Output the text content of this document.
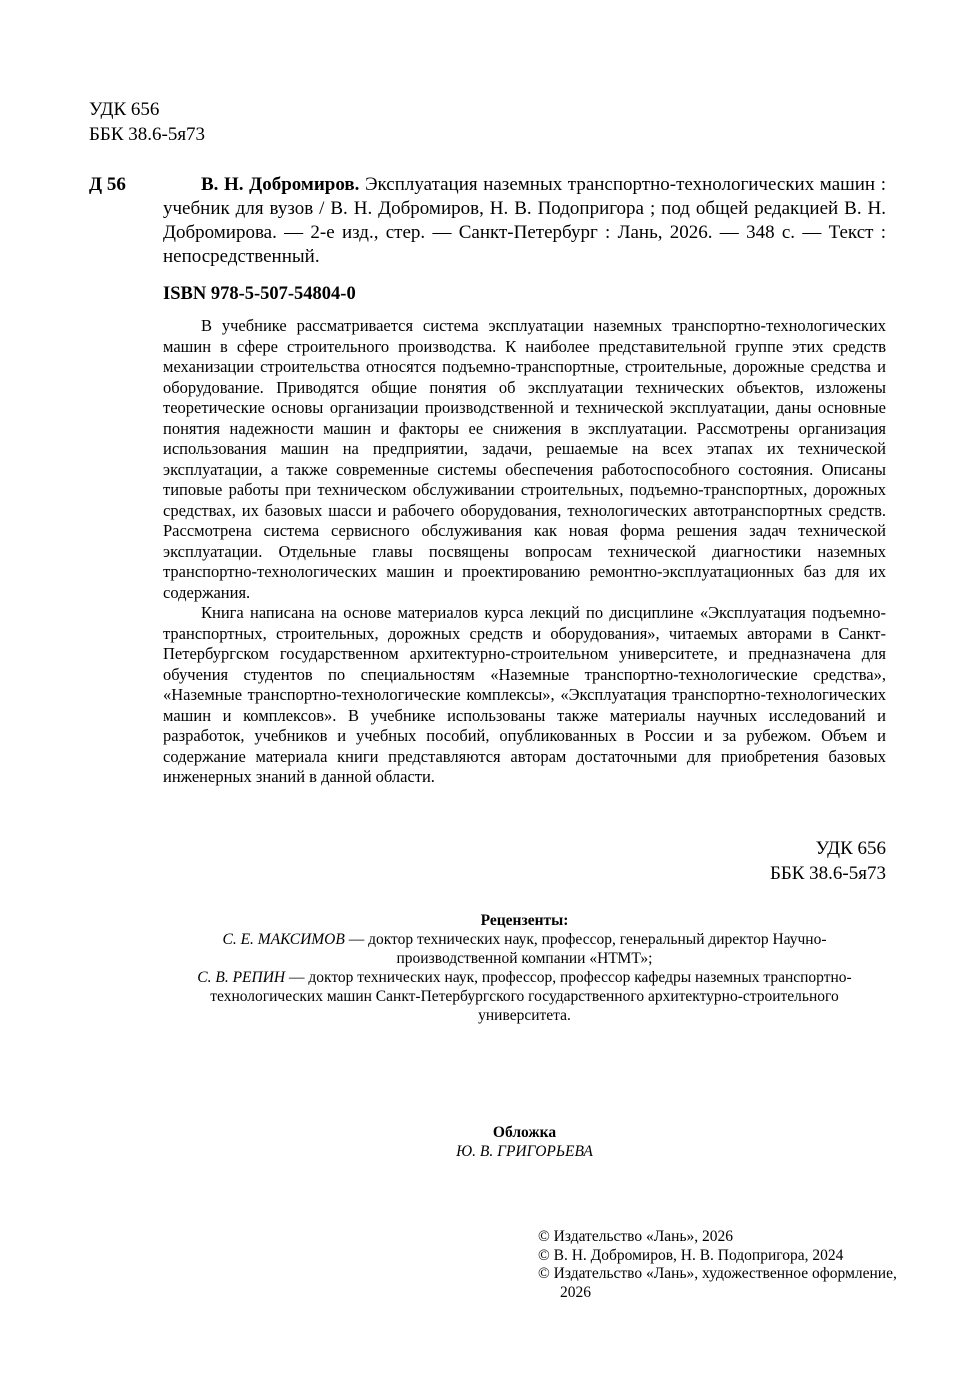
УДК 656
ББК 38.6-5я73
Д 56	В. Н. Добромиров. Эксплуатация наземных транспортно-технологических машин : учебник для вузов / В. Н. Добромиров, Н. В. Подопригора ; под общей редакцией В. Н. Добромирова. — 2-е изд., стер. — Санкт-Петербург : Лань, 2026. — 348 с. — Текст : непосредственный.
ISBN 978-5-507-54804-0

В учебнике рассматривается система эксплуатации наземных транспортно-технологических машин в сфере строительного производства. К наиболее представительной группе этих средств механизации строительства относятся подъемно-транспортные, строительные, дорожные средства и оборудование. Приводятся общие понятия об эксплуатации технических объектов, изложены теоретические основы организации производственной и технической эксплуатации, даны основные понятия надежности машин и факторы ее снижения в эксплуатации. Рассмотрены организация использования машин на предприятии, задачи, решаемые на всех этапах их технической эксплуатации, а также современные системы обеспечения работоспособного состояния. Описаны типовые работы при техническом обслуживании строительных, подъемно-транспортных, дорожных средствах, их базовых шасси и рабочего оборудования, технологических автотранспортных средств. Рассмотрена система сервисного обслуживания как новая форма решения задач технической эксплуатации. Отдельные главы посвящены вопросам технической диагностики наземных транспортно-технологических машин и проектированию ремонтно-эксплуатационных баз для их содержания.

Книга написана на основе материалов курса лекций по дисциплине «Эксплуатация подъемно-транспортных, строительных, дорожных средств и оборудования», читаемых авторами в Санкт-Петербургском государственном архитектурно-строительном университете, и предназначена для обучения студентов по специальностям «Наземные транспортно-технологические средства», «Наземные транспортно-технологические комплексы», «Эксплуатация транспортно-технологических машин и комплексов». В учебнике использованы также материалы научных исследований и разработок, учебников и учебных пособий, опубликованных в России и за рубежом. Объем и содержание материала книги представляются авторам достаточными для приобретения базовых инженерных знаний в данной области.

УДК 656
ББК 38.6-5я73
Рецензенты:

С. Е. МАКСИМОВ — доктор технических наук, профессор, генеральный директор Научно-производственной компании «НТМТ»;

С. В. РЕПИН — доктор технических наук, профессор, профессор кафедры наземных транспортно-технологических машин Санкт-Петербургского государственного архитектурно-строительного университета.

Обложка
Ю. В. ГРИГОРЬЕВА
© Издательство «Лань», 2026
© В. Н. Добромиров, Н. В. Подопригора, 2024
© Издательство «Лань», художественное оформление, 2026
